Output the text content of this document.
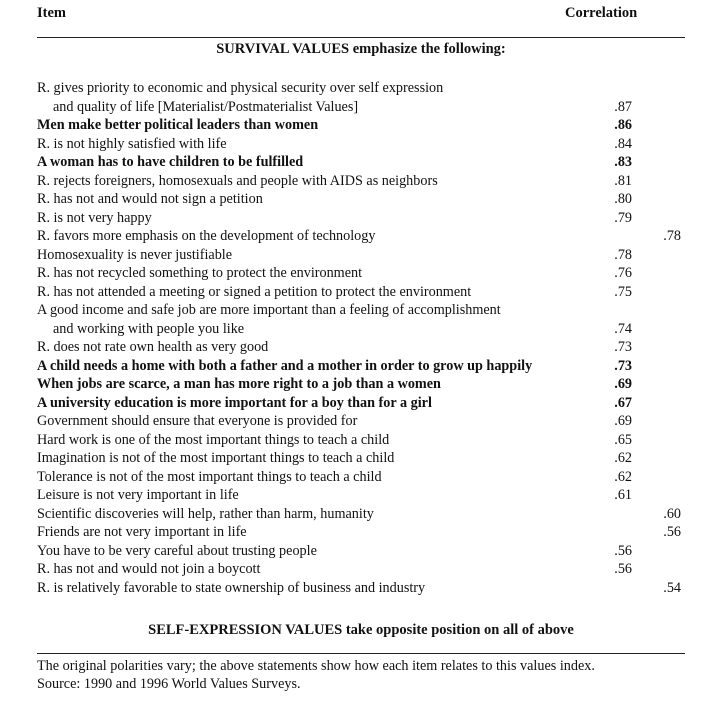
Item	Correlation
SURVIVAL VALUES emphasize the following:
R. gives priority to economic and physical security over self expression
and quality of life [Materialist/Postmaterialist Values]	.87
Men make better political leaders than women	.86
R. is not highly satisfied with life	.84
A woman has to have children to be fulfilled	.83
R. rejects foreigners, homosexuals and people with AIDS as neighbors	.81
R. has not and would not sign a petition	.80
R. is not very happy	.79
R. favors more emphasis on the development of technology	.78
Homosexuality is never justifiable	.78
R. has not recycled something to protect the environment	.76
R. has not attended a meeting or signed a petition to protect the environment	.75
A good income and safe job are more important than a feeling of accomplishment
and working with people you like	.74
R. does not rate own health as very good	.73
A child needs a home with both a father and a mother in order to grow up happily	.73
When jobs are scarce, a man has more right to a job than a women	.69
A university education is more important for a boy than for a girl	.67
Government should ensure that everyone is provided for	.69
Hard work is one of the most important things to teach a child	.65
Imagination is not of the most important things to teach a child	.62
Tolerance is not of the most important things to teach a child	.62
Leisure is not very important in life	.61
Scientific discoveries will help, rather than harm, humanity	.60
Friends are not very important in life	.56
You have to be very careful about trusting people	.56
R. has not and would not join a boycott	.56
R. is relatively favorable to state ownership of business and industry	.54
SELF-EXPRESSION VALUES take opposite position on all of above
The original polarities vary; the above statements show how each item relates to this values index.
Source: 1990 and 1996 World Values Surveys.
